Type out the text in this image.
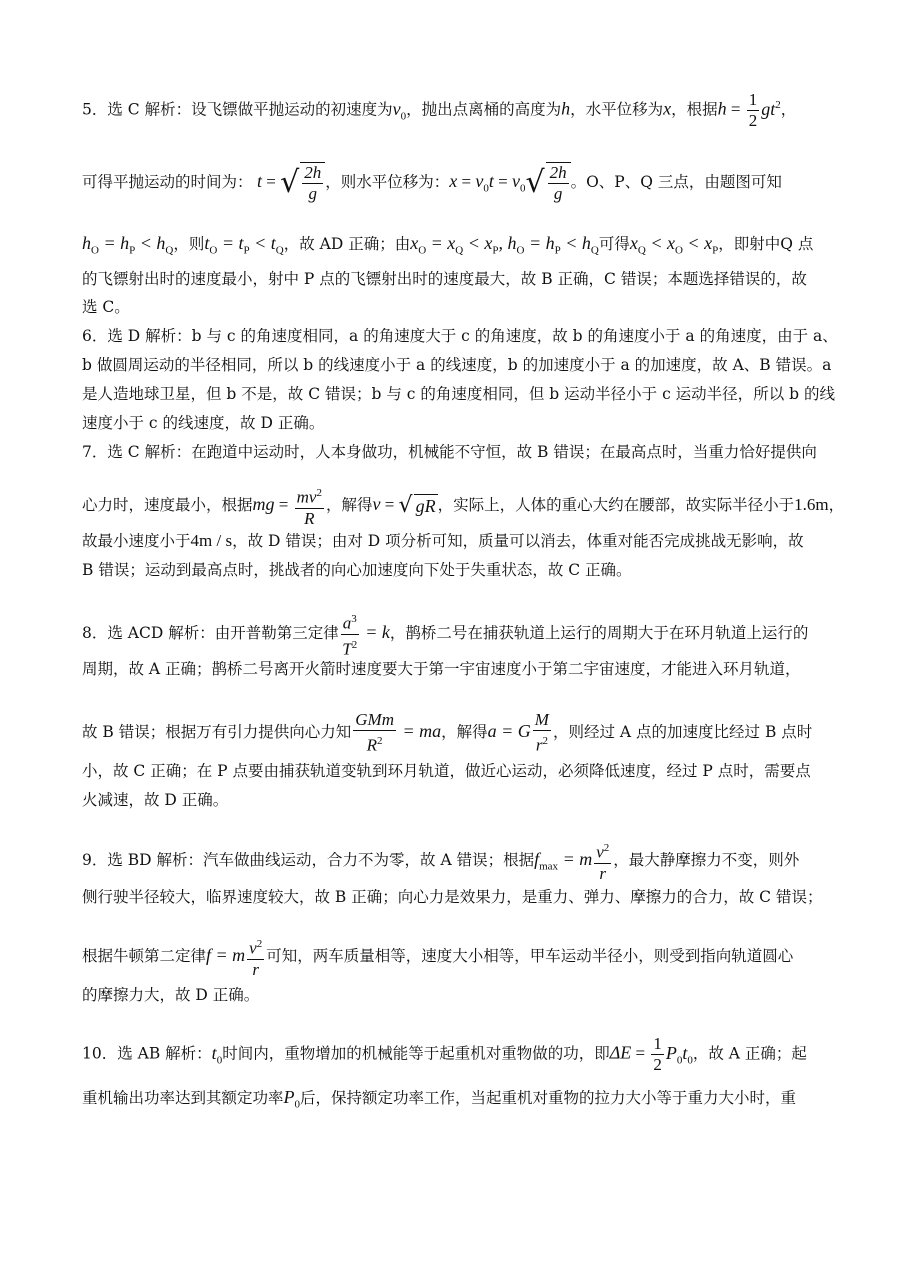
5．选 C 解析：设飞镖做平抛运动的初速度为$v_0$，抛出点离桶的高度为h，水平位移为x，根据$h = \frac{1}{2} gt^2$，
可得平抛运动的时间为： t = √ $\frac{2h}{g}$ ，则水平位移为：$x = v_0t = v_0√ \frac{2h}{g}$ 。O、P、Q 三点，由题图可知
$h_O = h_P < h_Q$，则$t_O = t_P < t_Q$，故 AD 正确；由$x_O = x_Q < x_P$, $h_O = h_P < h_Q$可得$x_Q < x_O < x_P$，即射中Q 点
的飞镖射出时的速度最小，射中 P 点的飞镖射出时的速度最大，故 B 正确，C 错误；本题选择错误的，故
选 C。
6．选 D 解析：b 与 c 的角速度相同，a 的角速度大于 c 的角速度，故 b 的角速度小于 a 的角速度，由于 a、
b 做圆周运动的半径相同，所以 b 的线速度小于 a 的线速度，b 的加速度小于 a 的加速度，故 A、B 错误。a
是人造地球卫星，但 b 不是，故 C 错误；b 与 c 的角速度相同，但 b 运动半径小于 c 运动半径，所以 b 的线
速度小于 c 的线速度，故 D 正确。
7．选 C 解析：在跑道中运动时，人本身做功，机械能不守恒，故 B 错误；在最高点时，当重力恰好提供向
心力时，速度最小，根据mg = $\frac{mv^2}{R}$ ，解得v = √ gR ，实际上，人体的重心大约在腰部，故实际半径小于1.6m，
故最小速度小于4m / s，故 D 错误；由对 D 项分析可知，质量可以消去，体重对能否完成挑战无影响，故
B 错误；运动到最高点时，挑战者的向心加速度向下处于失重状态，故 C 正确。
8．选 ACD 解析：由开普勒第三定律 $\frac{a^3}{T^2} = k$，鹊桥二号在捕获轨道上运行的周期大于在环月轨道上运行的
周期，故 A 正确；鹊桥二号离开火箭时速度要大于第一宇宙速度小于第二宇宙速度，才能进入环月轨道，
故 B 错误；根据万有引力提供向心力知 $\frac{\text{GMm}}{R^2}$ = ma，解得a = G $\frac{M}{r^2}$ ，则经过 A 点的加速度比经过 B 点时
小，故 C 正确；在 P 点要由捕获轨道变轨到环月轨道，做近心运动，必须降低速度，经过 P 点时，需要点
火减速，故 D 正确。
9．选 BD 解析：汽车做曲线运动，合力不为零，故 A 错误；根据$f_{max} = m \frac{v^2}{r}$ ，最大静摩擦力不变，则外
侧行驶半径较大，临界速度较大，故 B 正确；向心力是效果力，是重力、弹力、摩擦力的合力，故 C 错误；
根据牛顿第二定律f = m $\frac{v^2}{r}$ 可知，两车质量相等，速度大小相等，甲车运动半径小，则受到指向轨道圆心
的摩擦力大，故 D 正确。
10．选 AB 解析：$t_0$时间内，重物增加的机械能等于起重机对重物做的功，即$\Delta E = \frac{1}{2} P_0t_0$，故 A 正确；起
重机输出功率达到其额定功率$P_0$后，保持额定功率工作，当起重机对重物的拉力大小等于重力大小时，重
